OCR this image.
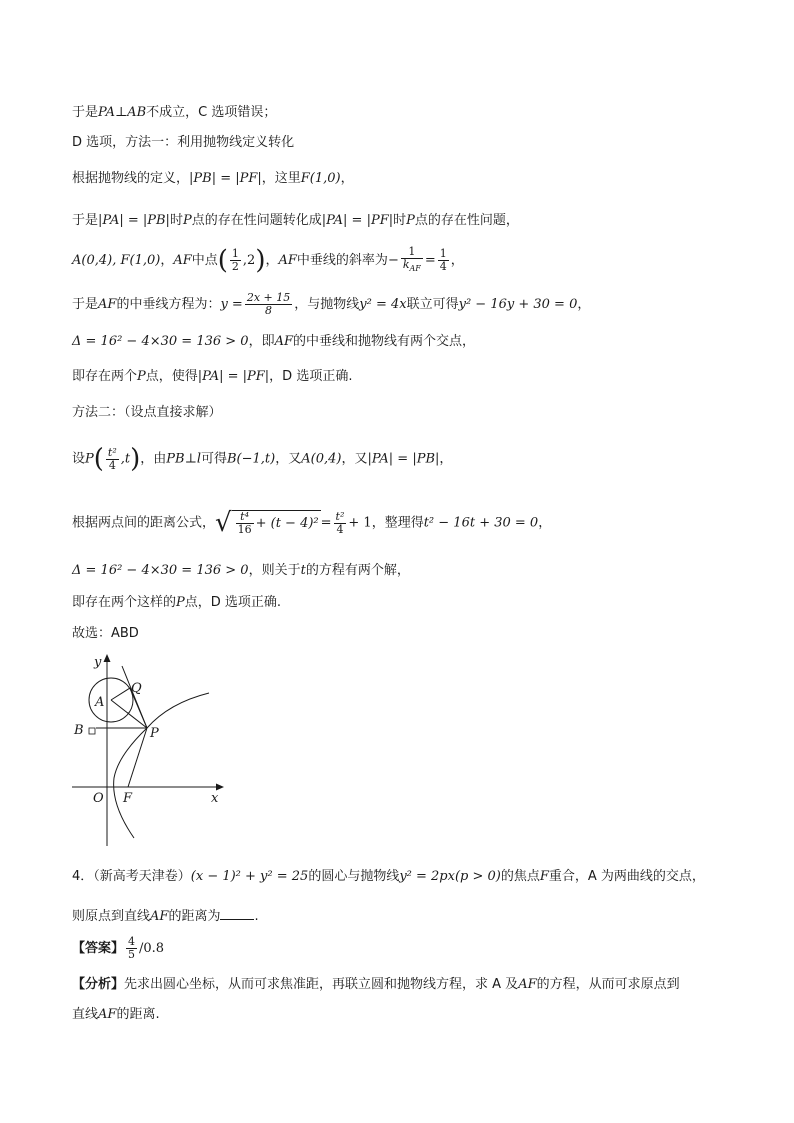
于是PA⊥AB不成立，C 选项错误；
D 选项，方法一：利用抛物线定义转化
根据抛物线的定义，|PB| = |PF|，这里F(1,0)，
于是|PA| = |PB|时P点的存在性问题转化成|PA| = |PF|时P点的存在性问题，
A(0,4), F(1,0)，AF中点( $\frac{1}{2} ,2$)，AF中垂线的斜率为− $\frac{1}{k_{AF}} = \frac{1}{4}$ ，
于是AF的中垂线方程为：$y = \frac{2x + 15}{8}$ ，与抛物线y² = 4x联立可得y² − 16y + 30 = 0，
Δ = 16² − 4×30 = 136 > 0，即AF的中垂线和抛物线有两个交点，
即存在两个P点，使得|PA| = |PF|，D 选项正确.
方法二：（设点直接求解）
设$P( \frac{\text{t²}}{4} ,t)$，由PB⊥l可得B(−1,t)，又A(0,4)，又|PA| = |PB|，
根据两点间的距离公式，√ $\frac{\text{t⁴}}{16} + (t - 4)^2 = \frac{\text{t²}}{4} + 1$，整理得t² − 16t + 30 = 0，
Δ = 16² − 4×30 = 136 > 0，则关于t的方程有两个解，
即存在两个这样的P点，D 选项正确.
故选：ABD
y
x
Q
A
B	P
O F
4．（新高考天津卷）(x − 1)² + y² = 25的圆心与抛物线y² = 2px(p > 0)的焦点F重合，A 为两曲线的交点，
则原点到直线AF的距离为	.
【答案】 $\frac{4}{5} /0.8$
【分析】先求出圆心坐标，从而可求焦准距，再联立圆和抛物线方程，求 A 及AF的方程，从而可求原点到
直线AF的距离.
